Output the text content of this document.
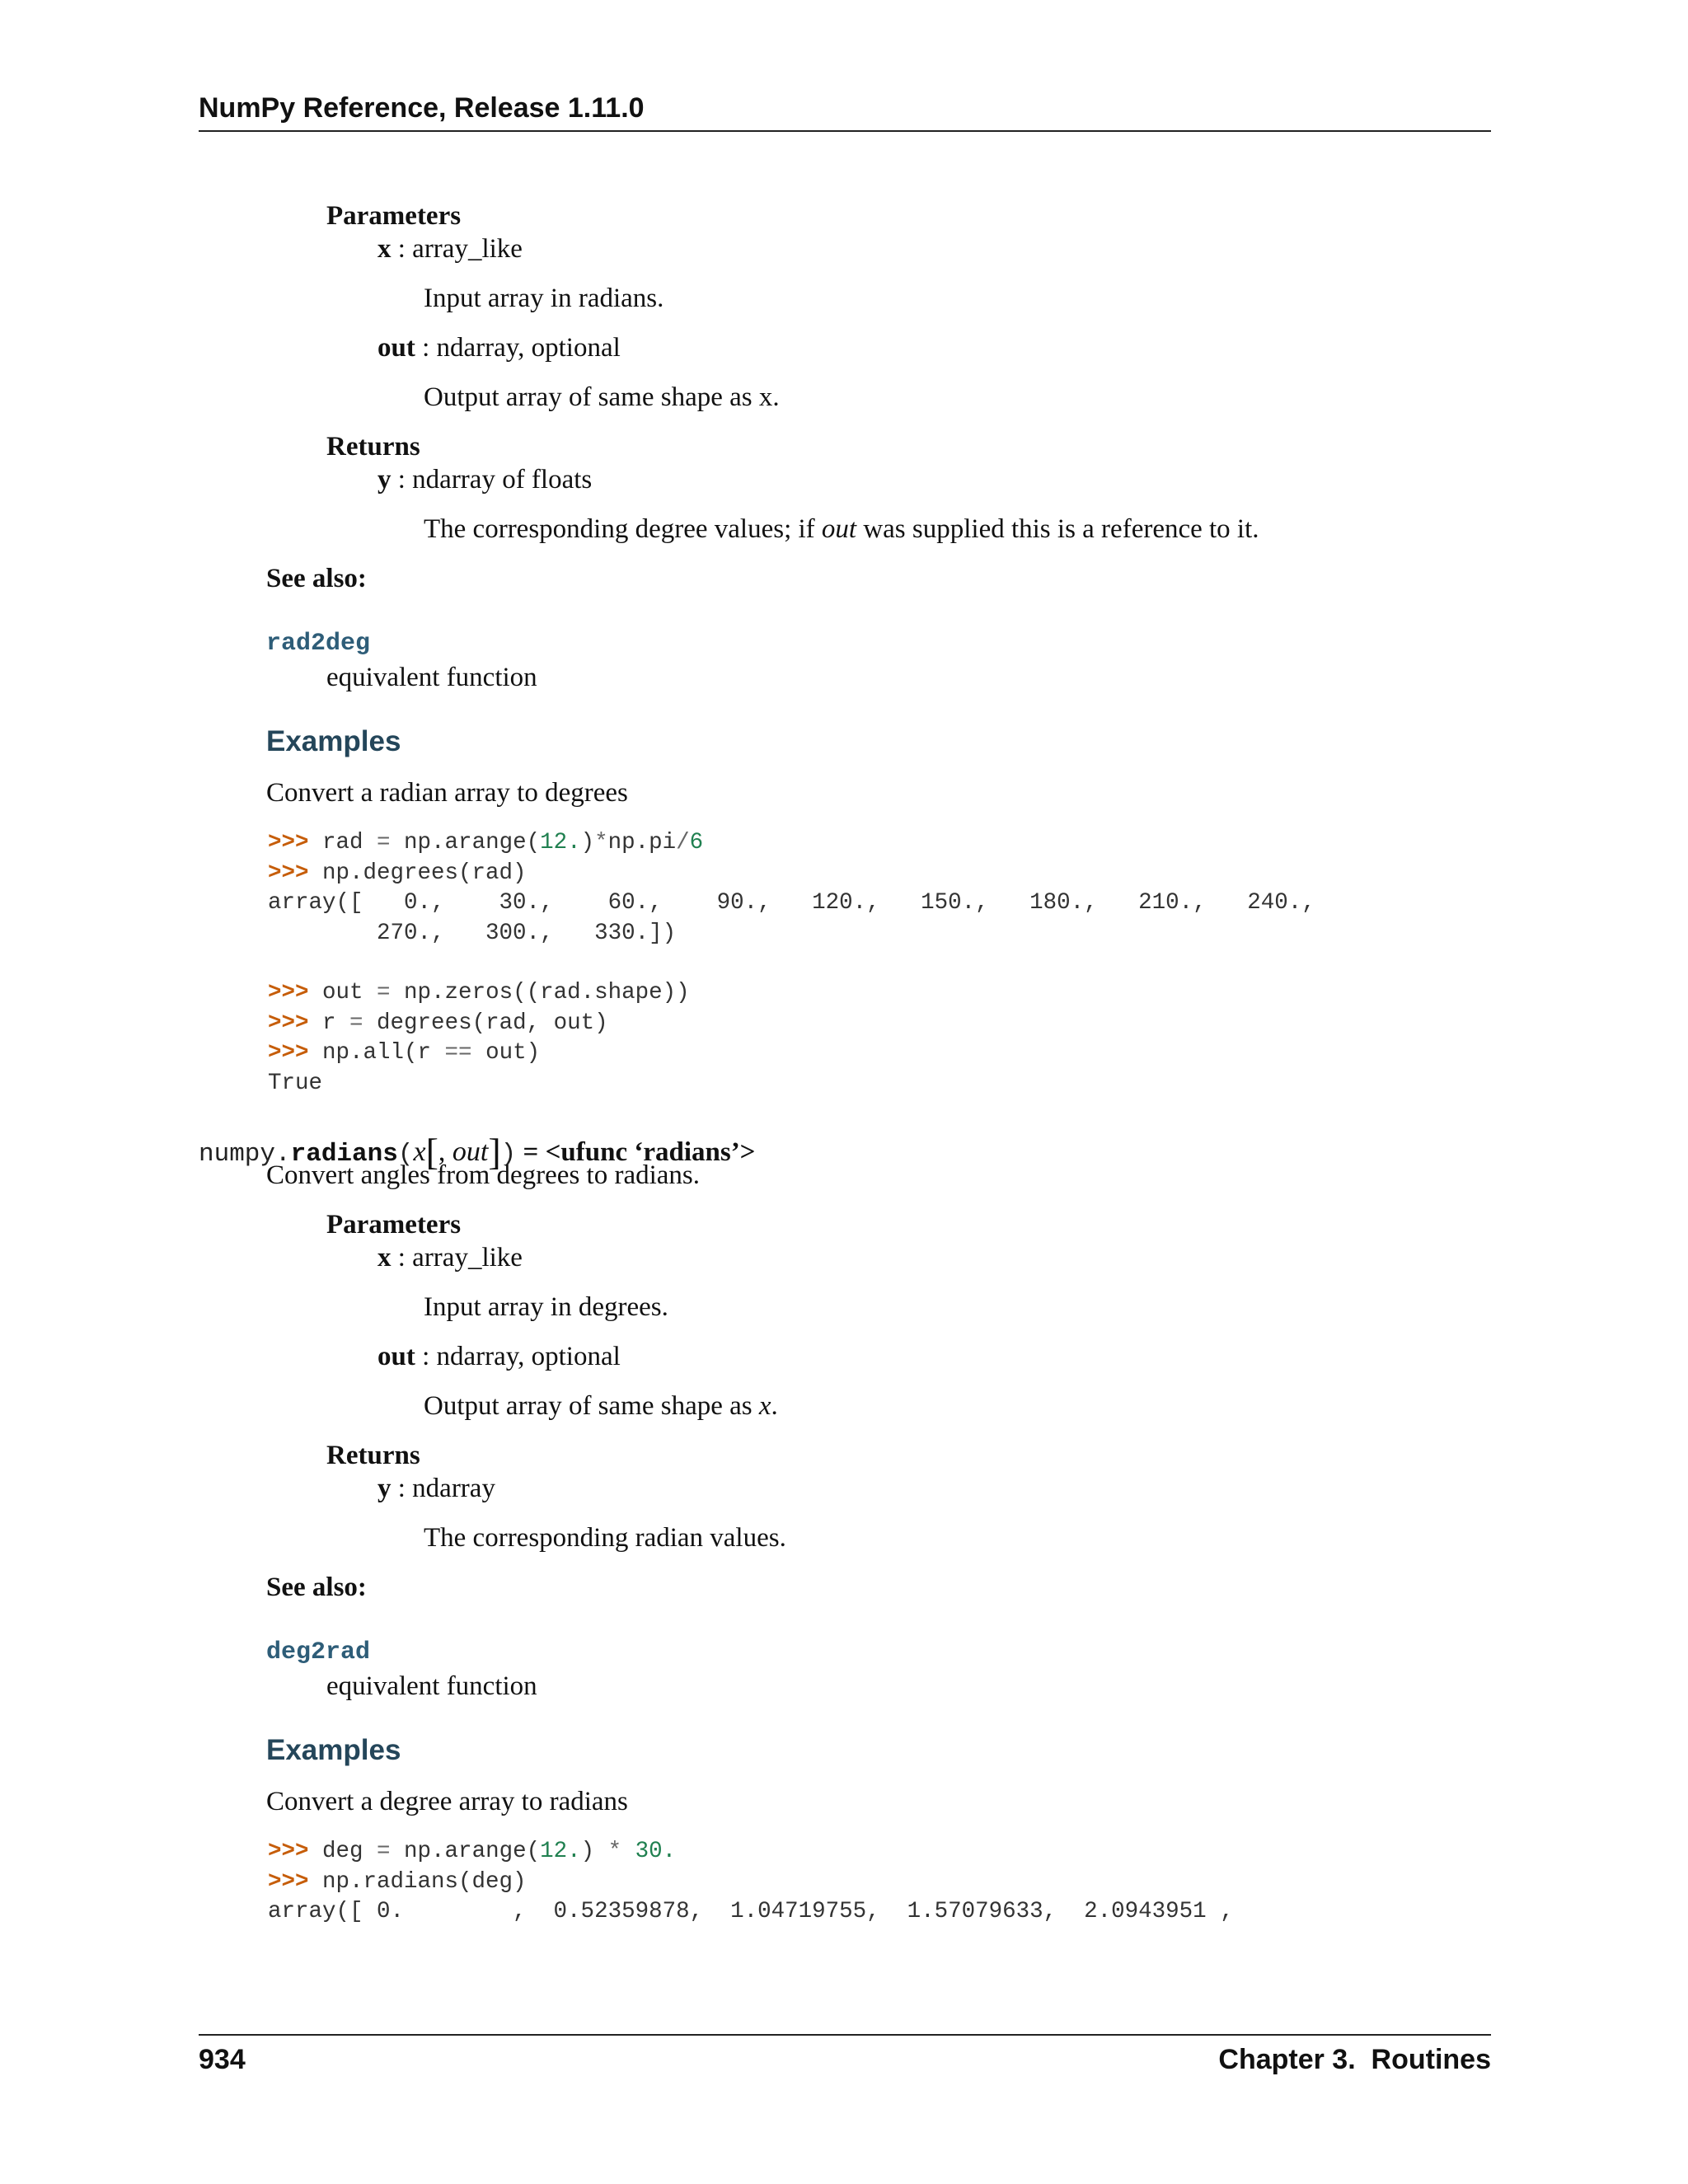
NumPy Reference, Release 1.11.0
Parameters
x : array_like
Input array in radians.
out : ndarray, optional
Output array of same shape as x.
Returns
y : ndarray of floats
The corresponding degree values; if out was supplied this is a reference to it.
See also:
rad2deg
equivalent function
Examples
Convert a radian array to degrees
>>> rad = np.arange(12.)*np.pi/6
>>> np.degrees(rad)
array([   0.,    30.,    60.,    90.,   120.,   150.,   180.,   210.,   240.,
270.,   300.,   330.])
>>> out = np.zeros((rad.shape))
>>> r = degrees(rad, out)
>>> np.all(r == out)
True
numpy.radians(x[, out]) = <ufunc ‘radians’>
Convert angles from degrees to radians.
Parameters
x : array_like
Input array in degrees.
out : ndarray, optional
Output array of same shape as x.
Returns
y : ndarray
The corresponding radian values.
See also:
deg2rad
equivalent function
Examples
Convert a degree array to radians
>>> deg = np.arange(12.) * 30.
>>> np.radians(deg)
array([ 0.        ,  0.52359878,  1.04719755,  1.57079633,  2.0943951 ,
934	Chapter 3.  Routines
